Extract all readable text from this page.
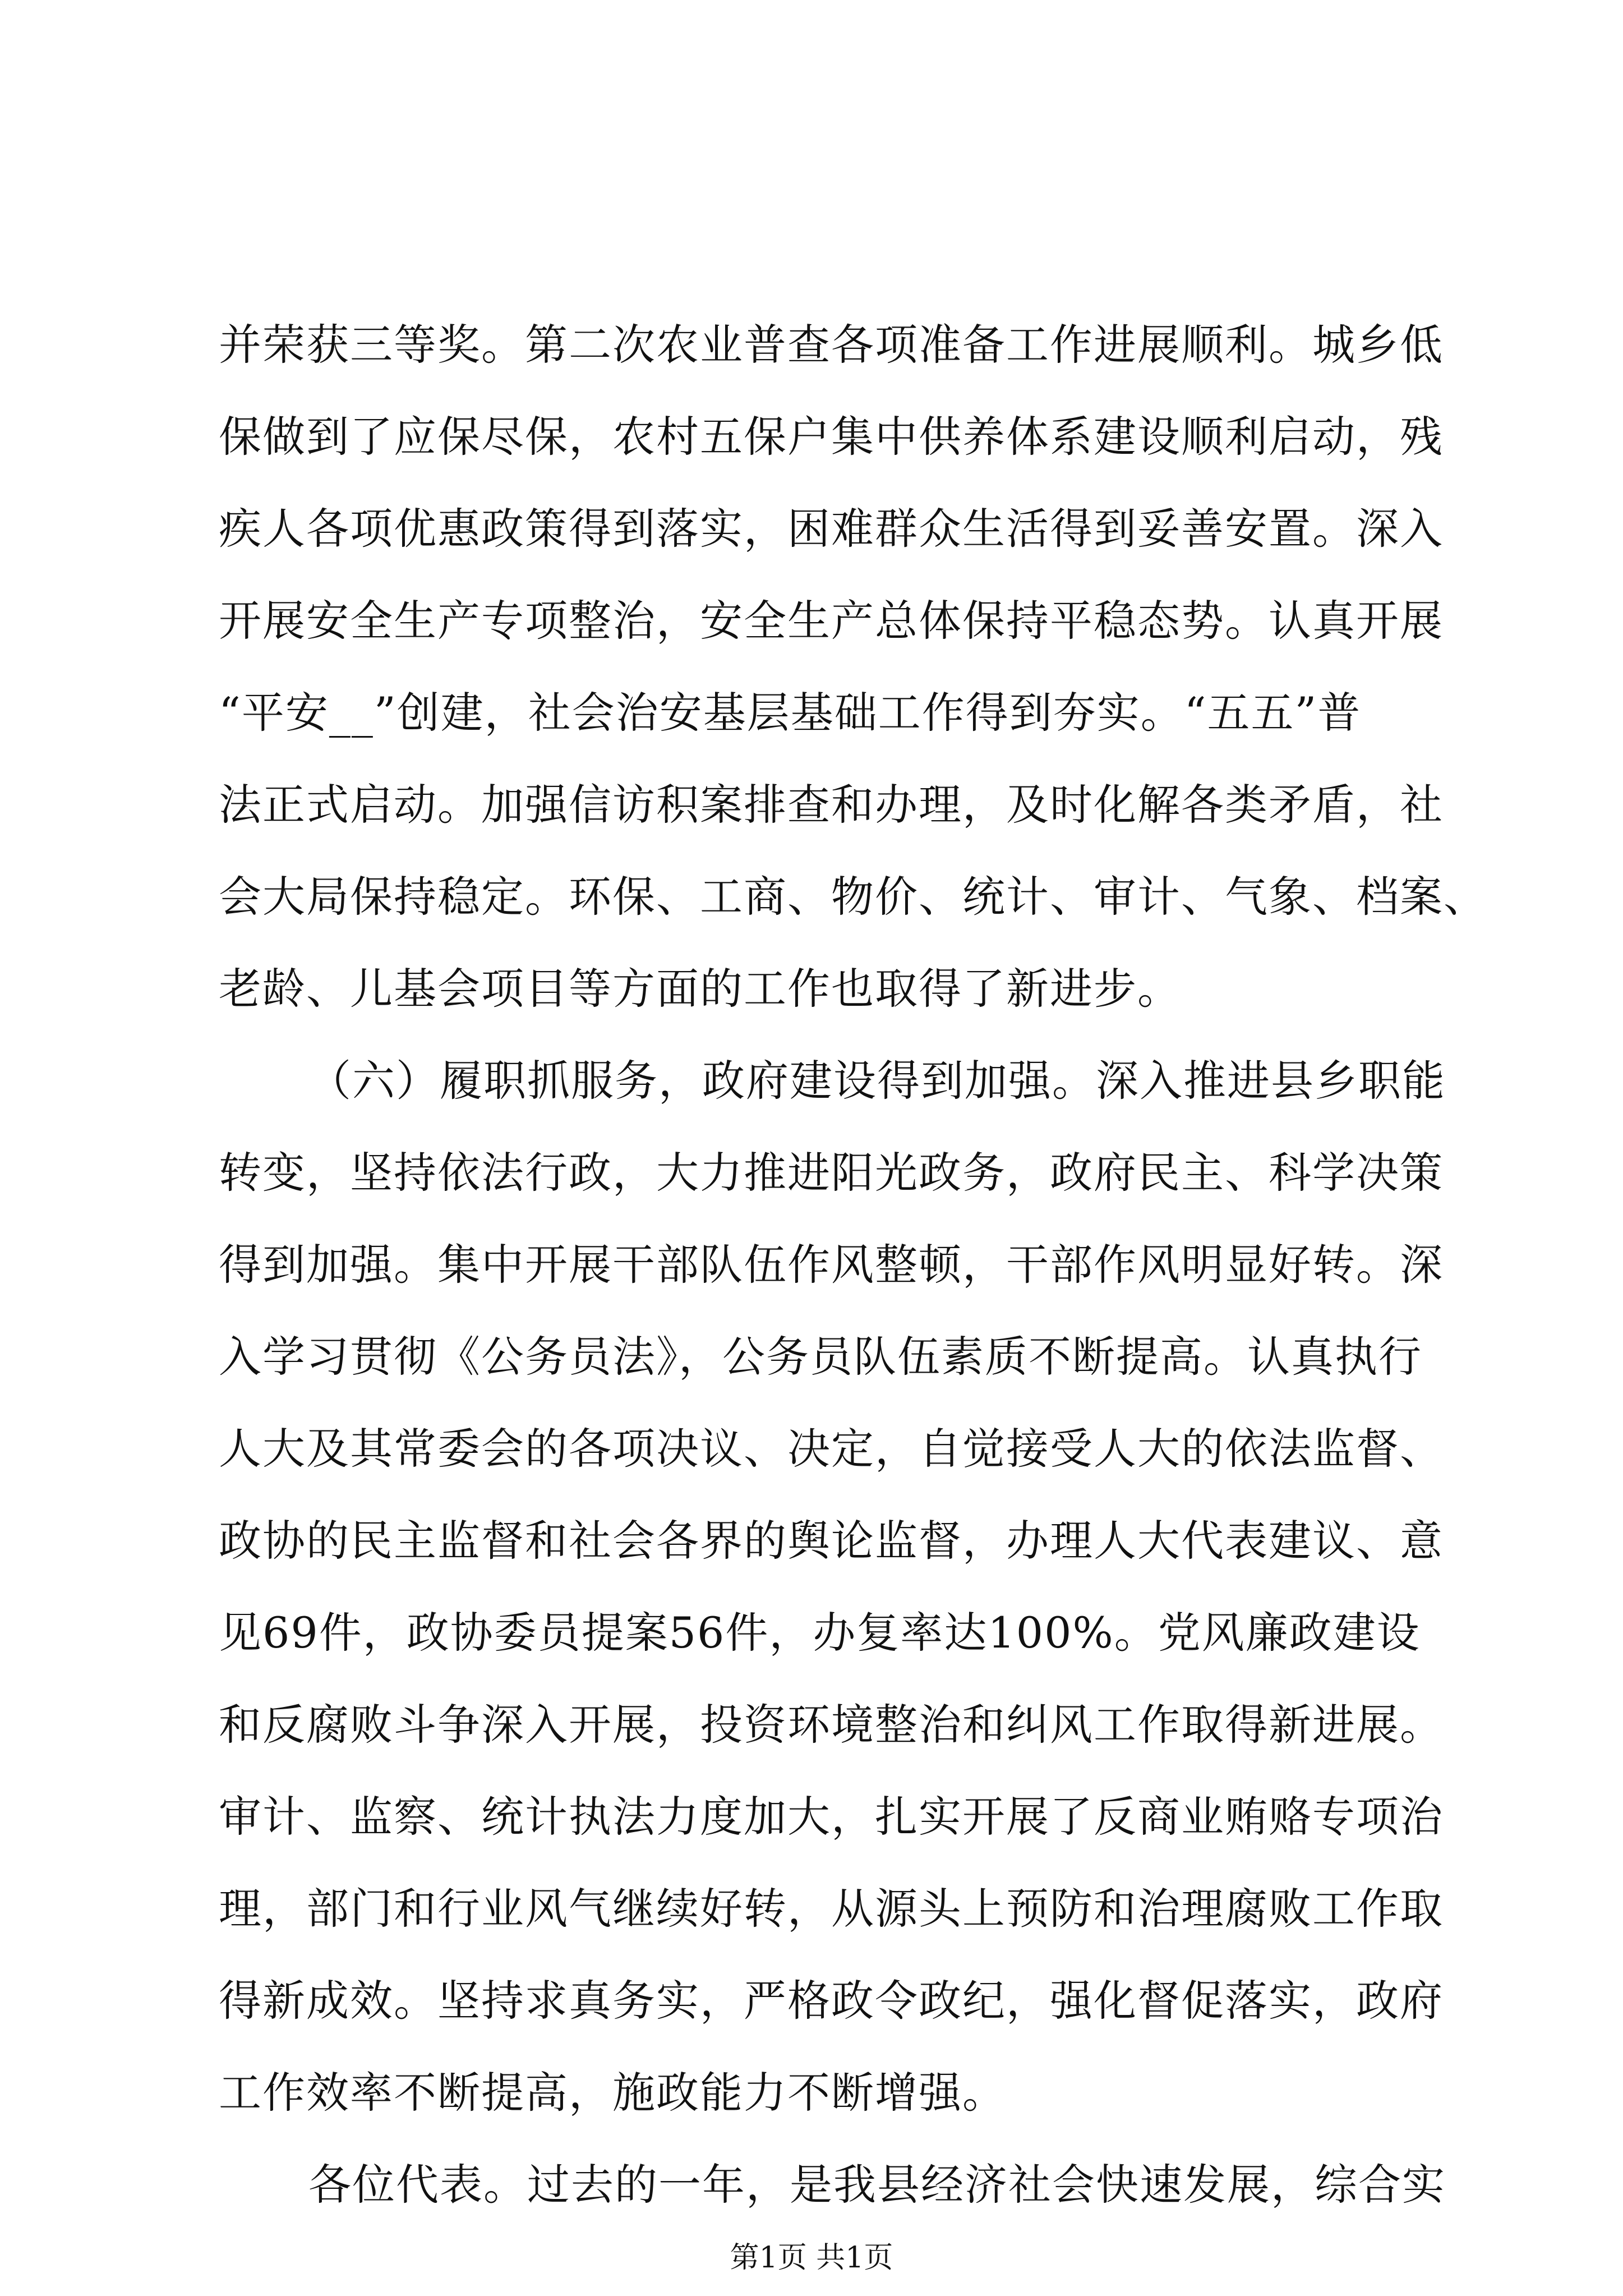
并荣获三等奖。第二次农业普查各项准备工作进展顺利。城乡低
保做到了应保尽保，农村五保户集中供养体系建设顺利启动，残
疾人各项优惠政策得到落实，困难群众生活得到妥善安置。深入
开展安全生产专项整治，安全生产总体保持平稳态势。认真开展
“平安__”创建，社会治安基层基础工作得到夯实。“五五”普
法正式启动。加强信访积案排查和办理，及时化解各类矛盾，社
会大局保持稳定。环保、工商、物价、统计、审计、气象、档案、
老龄、儿基会项目等方面的工作也取得了新进步。
（六）履职抓服务，政府建设得到加强。深入推进县乡职能
转变，坚持依法行政，大力推进阳光政务，政府民主、科学决策
得到加强。集中开展干部队伍作风整顿，干部作风明显好转。深
入学习贯彻《公务员法》，公务员队伍素质不断提高。认真执行
人大及其常委会的各项决议、决定，自觉接受人大的依法监督、
政协的民主监督和社会各界的舆论监督，办理人大代表建议、意
见69件，政协委员提案56件，办复率达100%。党风廉政建设
和反腐败斗争深入开展，投资环境整治和纠风工作取得新进展。
审计、监察、统计执法力度加大，扎实开展了反商业贿赂专项治
理，部门和行业风气继续好转，从源头上预防和治理腐败工作取
得新成效。坚持求真务实，严格政令政纪，强化督促落实，政府
工作效率不断提高，施政能力不断增强。
各位代表。过去的一年，是我县经济社会快速发展，综合实
第1页 共1页
